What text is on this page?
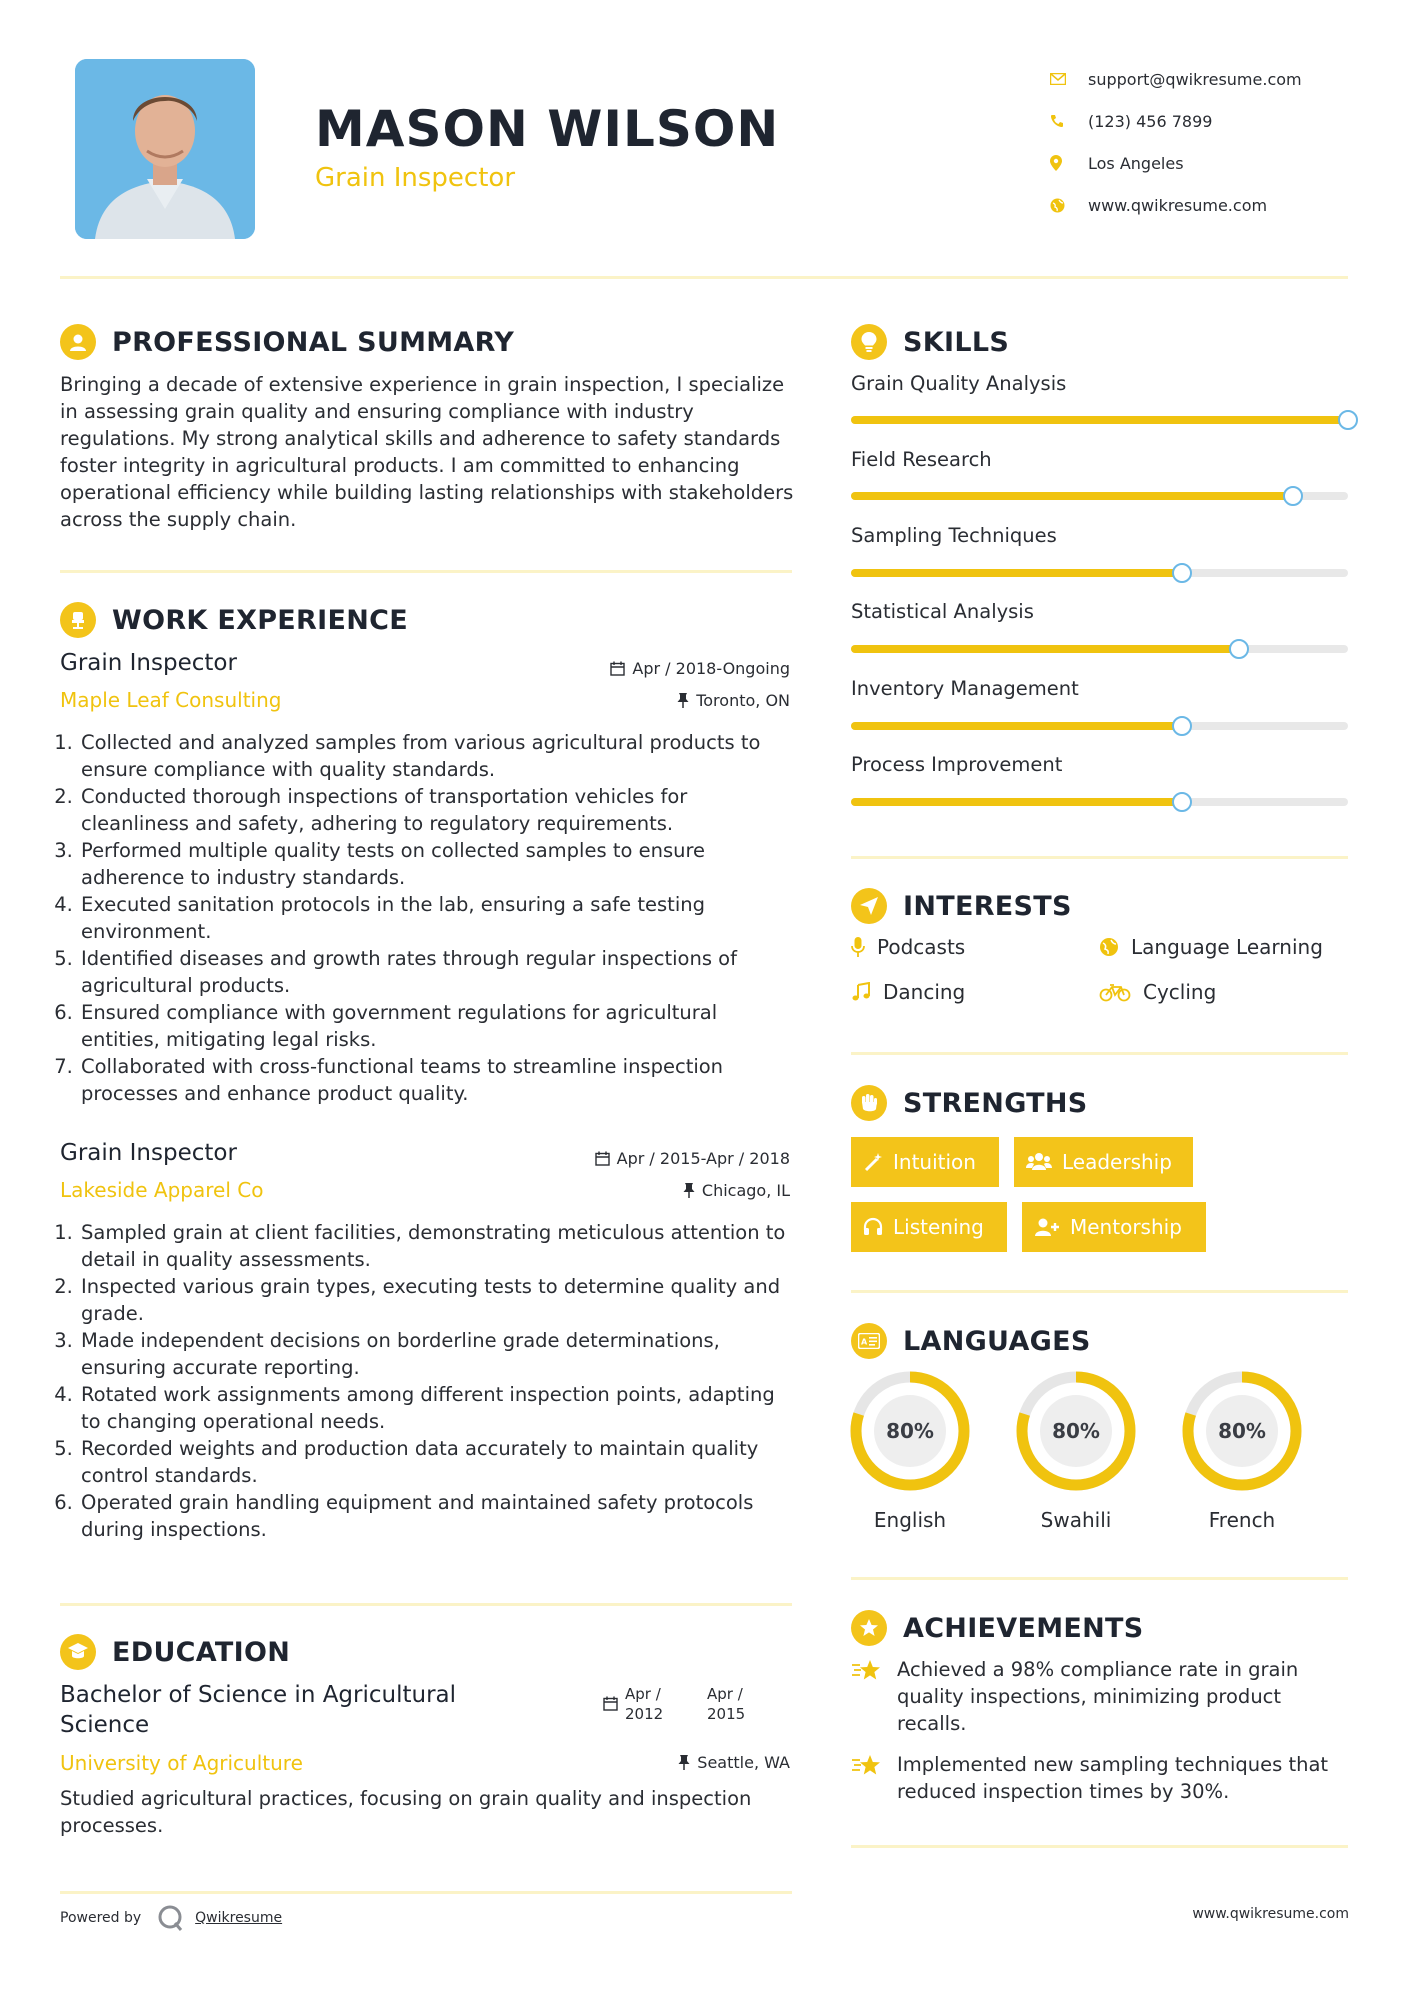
MASON WILSON
Grain Inspector
support@qwikresume.com
(123) 456 7899
Los Angeles
www.qwikresume.com
PROFESSIONAL SUMMARY
Bringing a decade of extensive experience in grain inspection, I specialize in assessing grain quality and ensuring compliance with industry regulations. My strong analytical skills and adherence to safety standards foster integrity in agricultural products. I am committed to enhancing operational efficiency while building lasting relationships with stakeholders across the supply chain.
WORK EXPERIENCE
Grain Inspector	Apr / 2018-Ongoing
Maple Leaf Consulting	Toronto, ON
1. Collected and analyzed samples from various agricultural products to ensure compliance with quality standards.
2. Conducted thorough inspections of transportation vehicles for cleanliness and safety, adhering to regulatory requirements.
3. Performed multiple quality tests on collected samples to ensure adherence to industry standards.
4. Executed sanitation protocols in the lab, ensuring a safe testing environment.
5. Identified diseases and growth rates through regular inspections of agricultural products.
6. Ensured compliance with government regulations for agricultural entities, mitigating legal risks.
7. Collaborated with cross-functional teams to streamline inspection processes and enhance product quality.
Grain Inspector	Apr / 2015-Apr / 2018
Lakeside Apparel Co	Chicago, IL
1. Sampled grain at client facilities, demonstrating meticulous attention to detail in quality assessments.
2. Inspected various grain types, executing tests to determine quality and grade.
3. Made independent decisions on borderline grade determinations, ensuring accurate reporting.
4. Rotated work assignments among different inspection points, adapting to changing operational needs.
5. Recorded weights and production data accurately to maintain quality control standards.
6. Operated grain handling equipment and maintained safety protocols during inspections.
EDUCATION
Bachelor of Science in Agricultural Science
Apr / 2012
Apr / 2015
University of Agriculture	Seattle, WA
Studied agricultural practices, focusing on grain quality and inspection processes.
SKILLS
Grain Quality Analysis
Field Research
Sampling Techniques
Statistical Analysis
Inventory Management
Process Improvement
INTERESTS
Podcasts	Language Learning
Dancing	Cycling
STRENGTHS
Intuition	Leadership
Listening	Mentorship
A LANGUAGES
80%
English
80%
Swahili
80%
French
ACHIEVEMENTS
Achieved a 98% compliance rate in grain quality inspections, minimizing product recalls.
Implemented new sampling techniques that reduced inspection times by 30%.
Powered by	Qwikresume	www.qwikresume.com
